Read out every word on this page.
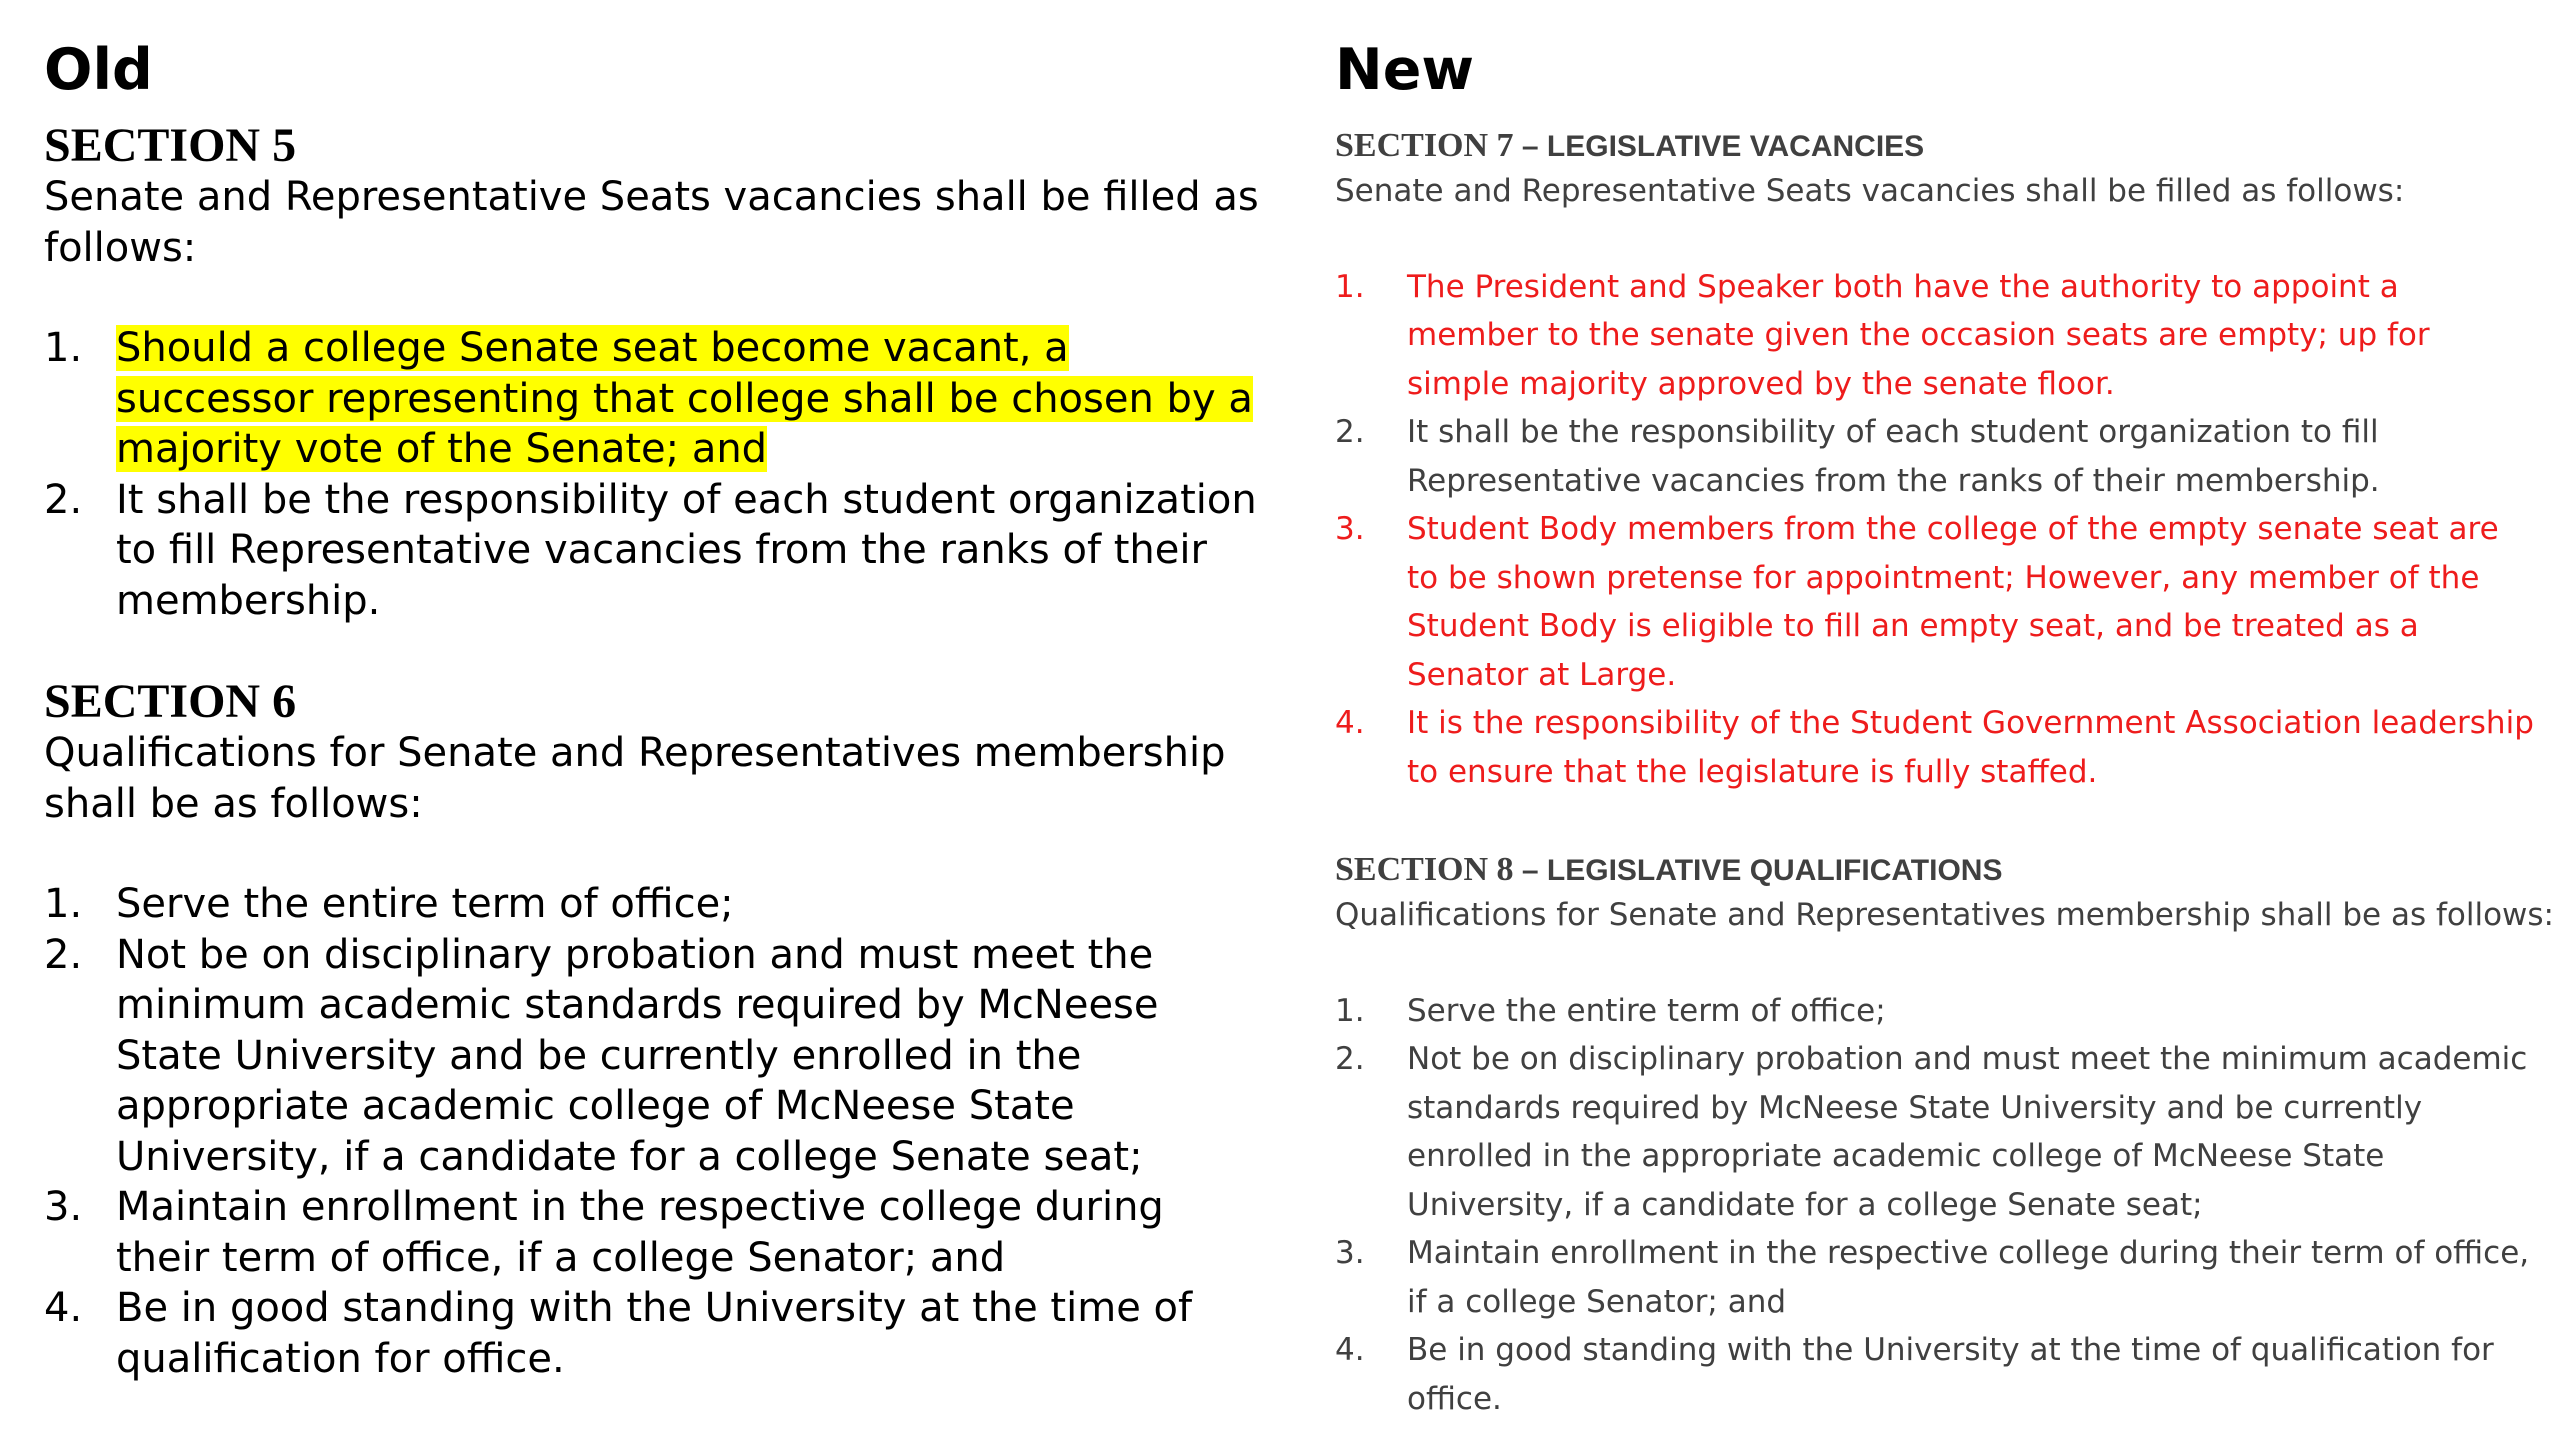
Old
SECTION 5

Senate and Representative Seats vacancies shall be filled as follows:

1. Should a college Senate seat become vacant, a successor representing that college shall be chosen by a majority vote of the Senate; and
2. It shall be the responsibility of each student organization to fill Representative vacancies from the ranks of their membership.
SECTION 6

Qualifications for Senate and Representatives membership shall be as follows:

1. Serve the entire term of office;
2. Not be on disciplinary probation and must meet the minimum academic standards required by McNeese State University and be currently enrolled in the appropriate academic college of McNeese State University, if a candidate for a college Senate seat;
3. Maintain enrollment in the respective college during their term of office, if a college Senator; and
4. Be in good standing with the University at the time of qualification for office.
New
SECTION 7 – LEGISLATIVE VACANCIES

Senate and Representative Seats vacancies shall be filled as follows:

1. The President and Speaker both have the authority to appoint a member to the senate given the occasion seats are empty; up for simple majority approved by the senate floor.
2. It shall be the responsibility of each student organization to fill Representative vacancies from the ranks of their membership.
3. Student Body members from the college of the empty senate seat are to be shown pretense for appointment; However, any member of the Student Body is eligible to fill an empty seat, and be treated as a Senator at Large.
4. It is the responsibility of the Student Government Association leadership to ensure that the legislature is fully staffed.
SECTION 8 – LEGISLATIVE QUALIFICATIONS

Qualifications for Senate and Representatives membership shall be as follows:

1. Serve the entire term of office;
2. Not be on disciplinary probation and must meet the minimum academic standards required by McNeese State University and be currently enrolled in the appropriate academic college of McNeese State University, if a candidate for a college Senate seat;
3. Maintain enrollment in the respective college during their term of office, if a college Senator; and
4. Be in good standing with the University at the time of qualification for office.
